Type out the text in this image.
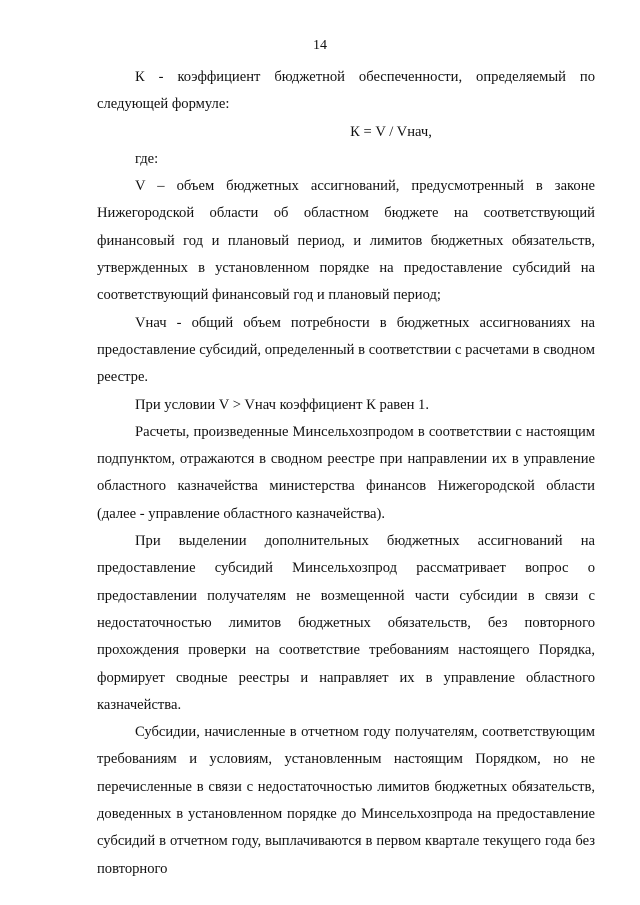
14

К - коэффициент бюджетной обеспеченности, определяемый по следующей формуле:

К = V / Vнач,

где:

V – объем бюджетных ассигнований, предусмотренный в законе Нижегородской области об областном бюджете на соответствующий финансовый год и плановый период, и лимитов бюджетных обязательств, утвержденных в установленном порядке на предоставление субсидий на соответствующий финансовый год и плановый период;

Vнач - общий объем потребности в бюджетных ассигнованиях на предоставление субсидий, определенный в соответствии с расчетами в сводном реестре.

При условии V > Vнач коэффициент К равен 1.

Расчеты, произведенные Минсельхозпродом в соответствии с настоящим подпунктом, отражаются в сводном реестре при направлении их в управление областного казначейства министерства финансов Нижегородской области (далее - управление областного казначейства).

При выделении дополнительных бюджетных ассигнований на предоставление субсидий Минсельхозпрод рассматривает вопрос о предоставлении получателям не возмещенной части субсидии в связи с недостаточностью лимитов бюджетных обязательств, без повторного прохождения проверки на соответствие требованиям настоящего Порядка, формирует сводные реестры и направляет их в управление областного казначейства.

Субсидии, начисленные в отчетном году получателям, соответствующим требованиям и условиям, установленным настоящим Порядком, но не перечисленные в связи с недостаточностью лимитов бюджетных обязательств, доведенных в установленном порядке до Минсельхозпрода на предоставление субсидий в отчетном году, выплачиваются в первом квартале текущего года без повторного
